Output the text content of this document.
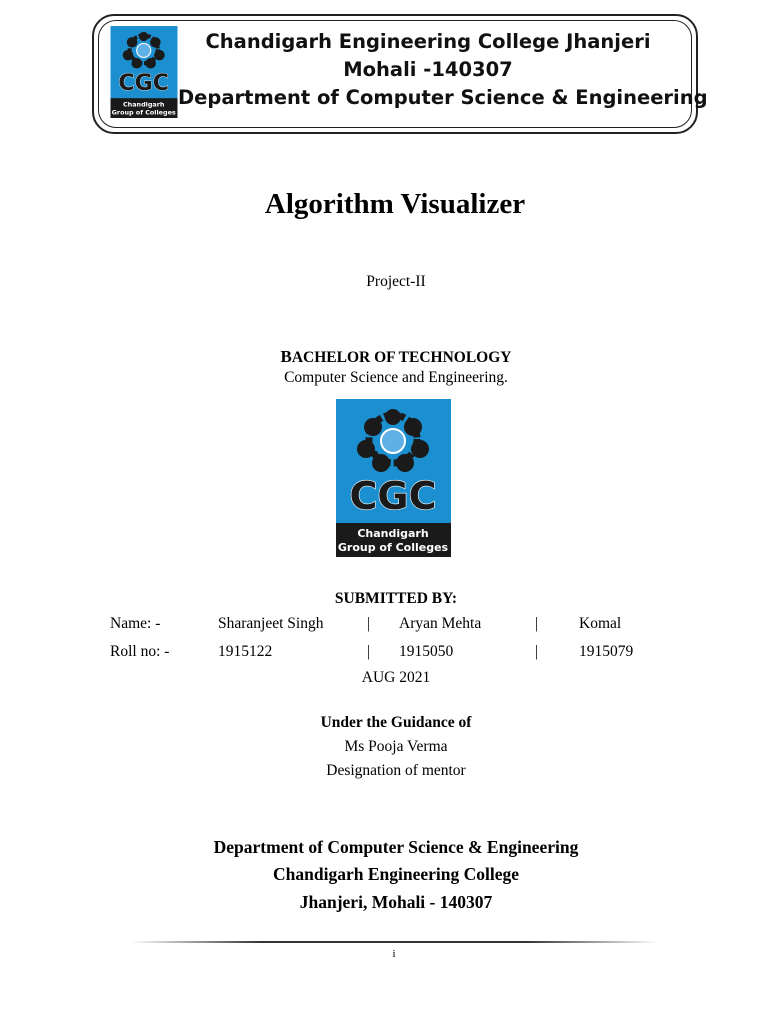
CGC
Chandigarh
Group of Colleges
Chandigarh Engineering College Jhanjeri
Mohali -140307
Department of Computer Science & Engineering
Algorithm Visualizer
Project-II
BACHELOR OF TECHNOLOGY
Computer Science and Engineering.
CGC
Chandigarh
Group of Colleges
SUBMITTED BY:
Name: -	Sharanjeet Singh	| Aryan Mehta	|	Komal
Roll no: -	1915122	| 1915050	|	1915079
AUG 2021
Under the Guidance of
Ms Pooja Verma
Designation of mentor
Department of Computer Science & Engineering
Chandigarh Engineering College
Jhanjeri, Mohali - 140307
i
